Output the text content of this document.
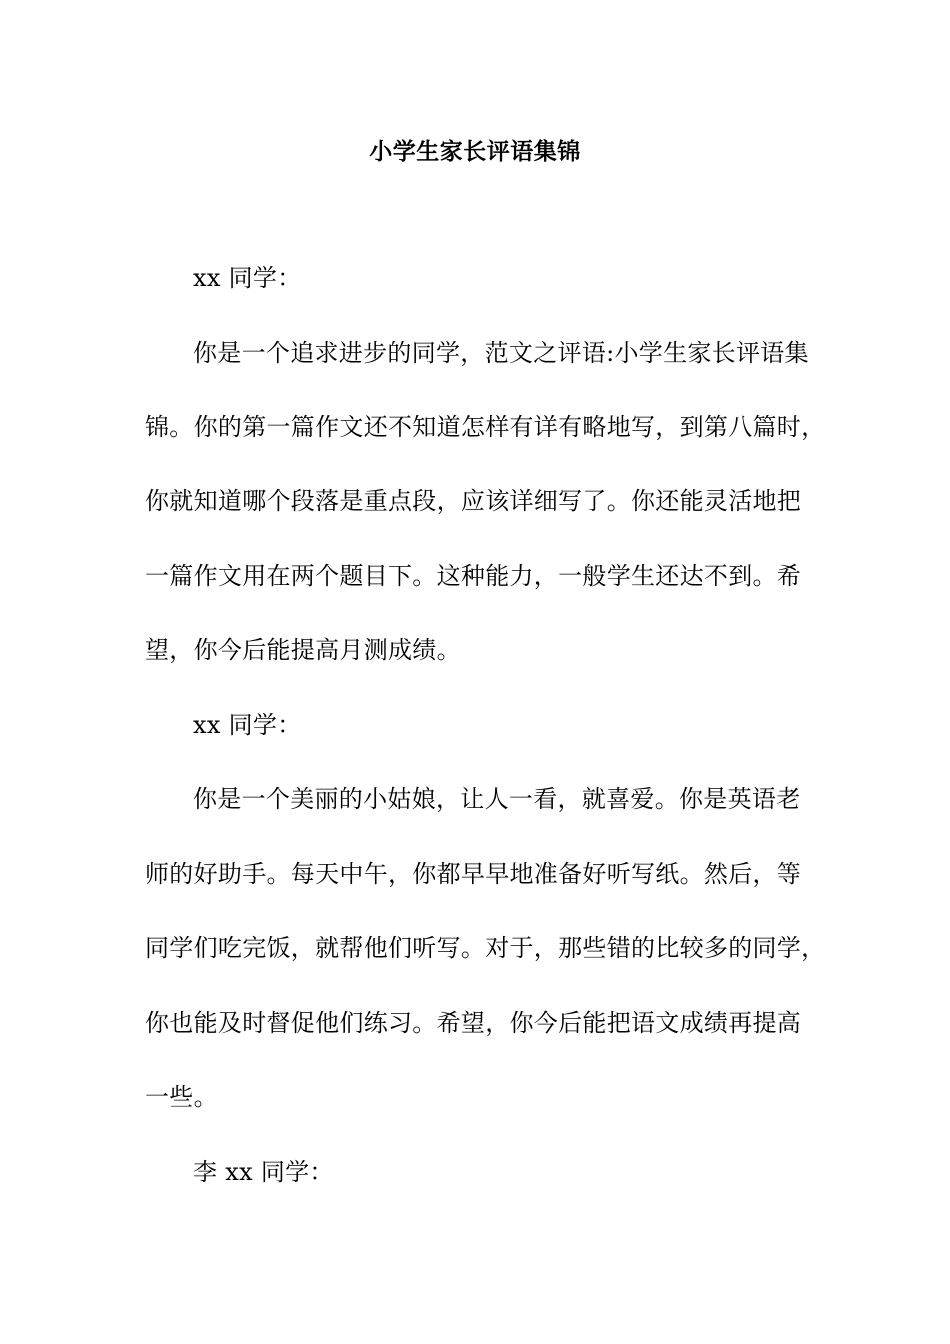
小学生家长评语集锦
xx 同学：
你是一个追求进步的同学，范文之评语:小学生家长评语集
锦。你的第一篇作文还不知道怎样有详有略地写，到第八篇时，
你就知道哪个段落是重点段，应该详细写了。你还能灵活地把
一篇作文用在两个题目下。这种能力，一般学生还达不到。希
望，你今后能提高月测成绩。
xx 同学：
你是一个美丽的小姑娘，让人一看，就喜爱。你是英语老
师的好助手。每天中午，你都早早地准备好听写纸。然后，等
同学们吃完饭，就帮他们听写。对于，那些错的比较多的同学，
你也能及时督促他们练习。希望，你今后能把语文成绩再提高
一些。
李 xx 同学：
